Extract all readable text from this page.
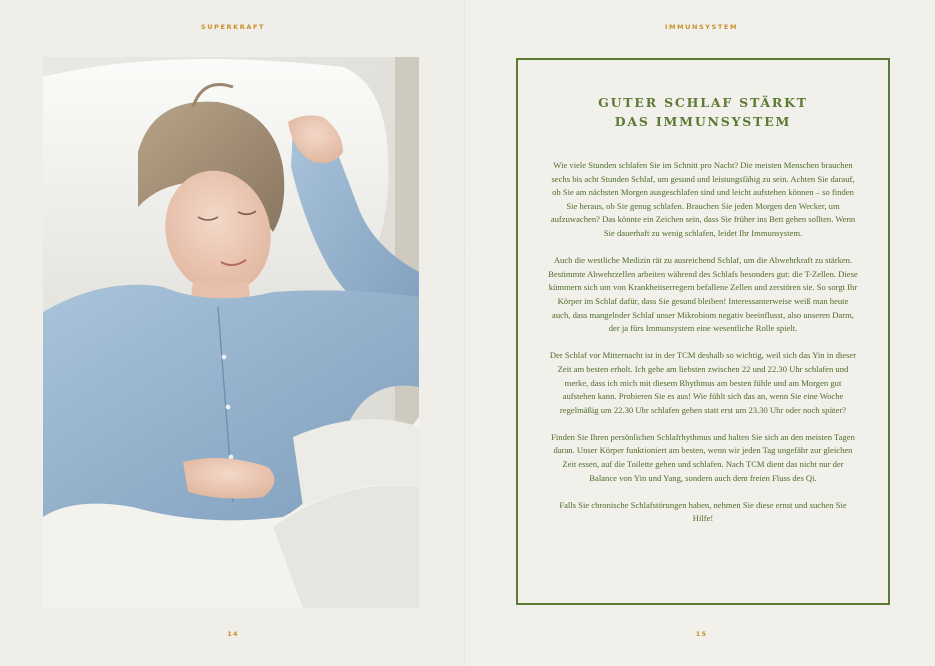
SUPERKRAFT
14
IMMUNSYSTEM
GUTER SCHLAF STÄRKT
DAS IMMUNSYSTEM

Wie viele Stunden schlafen Sie im Schnitt pro Nacht? Die meisten Menschen brauchen sechs bis acht Stunden Schlaf, um gesund und leistungsfähig zu sein. Achten Sie darauf, ob Sie am nächsten Morgen ausgeschlafen sind und leicht aufstehen können – so finden Sie heraus, ob Sie genug schlafen. Brauchen Sie jeden Morgen den Wecker, um aufzuwachen? Das könnte ein Zeichen sein, dass Sie früher ins Bett gehen sollten. Wenn Sie dauerhaft zu wenig schlafen, leidet Ihr Immunsystem.

Auch die westliche Medizin rät zu ausreichend Schlaf, um die Abwehrkraft zu stärken. Bestimmte Abwehrzellen arbeiten während des Schlafs besonders gut: die T-Zellen. Diese kümmern sich um von Krankheitserregern befallene Zellen und zerstören sie. So sorgt Ihr Körper im Schlaf dafür, dass Sie gesund bleiben! Interessanterweise weiß man heute auch, dass mangelnder Schlaf unser Mikrobiom negativ beeinflusst, also unseren Darm, der ja fürs Immunsystem eine wesentliche Rolle spielt.

Der Schlaf vor Mitternacht ist in der TCM deshalb so wichtig, weil sich das Yin in dieser Zeit am besten erholt. Ich gehe am liebsten zwischen 22 und 22.30 Uhr schlafen und merke, dass ich mich mit diesem Rhythmus am besten fühle und am Morgen gut aufstehen kann. Probieren Sie es aus! Wie fühlt sich das an, wenn Sie eine Woche regelmäßig um 22.30 Uhr schlafen gehen statt erst um 23.30 Uhr oder noch später?

Finden Sie Ihren persönlichen Schlafrhythmus und halten Sie sich an den meisten Tagen daran. Unser Körper funktioniert am besten, wenn wir jeden Tag ungefähr zur gleichen Zeit essen, auf die Toilette gehen und schlafen. Nach TCM dient das nicht nur der Balance von Yin und Yang, sondern auch dem freien Fluss des Qi.

Falls Sie chronische Schlafstörungen haben, nehmen Sie diese ernst und suchen Sie Hilfe!

15
